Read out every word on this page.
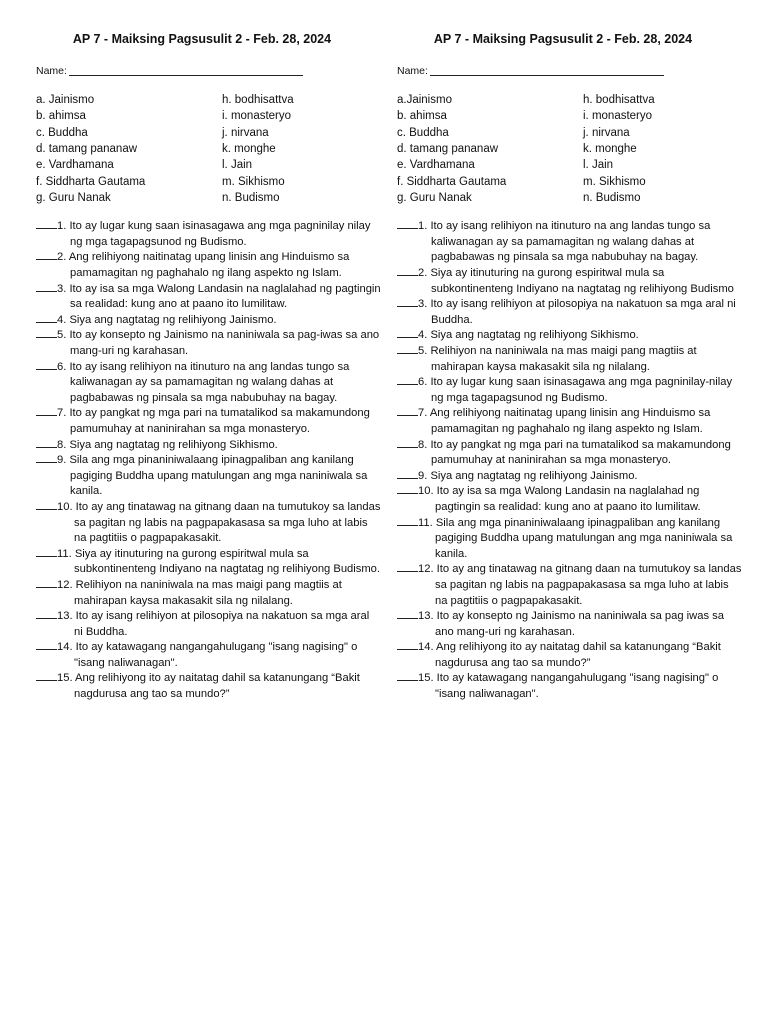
AP 7 - Maiksing Pagsusulit 2 - Feb. 28, 2024
Name:
a. Jainismo	h. bodhisattva
b. ahimsa	i. monasteryo
c. Buddha	j. nirvana
d. tamang pananaw	k. monghe
e. Vardhamana	l. Jain
f. Siddharta Gautama	m. Sikhismo
g. Guru Nanak	n. Budismo

1. Ito ay lugar kung saan isinasagawa ang mga pagninilay nilay ng mga tagapagsunod ng Budismo.

2. Ang relihiyong naitinatag upang linisin ang Hinduismo sa pamamagitan ng paghahalo ng ilang aspekto ng Islam.

3. Ito ay isa sa mga Walong Landasin na naglalahad ng pagtingin sa realidad: kung ano at paano ito lumilitaw.

4. Siya ang nagtatag ng relihiyong Jainismo.

5. Ito ay konsepto ng Jainismo na naniniwala sa pag-iwas sa ano mang-uri ng karahasan.

6. Ito ay isang relihiyon na itinuturo na ang landas tungo sa kaliwanagan ay sa pamamagitan ng walang dahas at pagbabawas ng pinsala sa mga nabubuhay na bagay.

7. Ito ay pangkat ng mga pari na tumatalikod sa makamundong pamumuhay at naninirahan sa mga monasteryo.

8. Siya ang nagtatag ng relihiyong Sikhismo.

9. Sila ang mga pinaniniwalaang ipinagpaliban ang kanilang pagiging Buddha upang matulungan ang mga naniniwala sa kanila.

10. Ito ay ang tinatawag na gitnang daan na tumutukoy sa landas sa pagitan ng labis na pagpapakasasa sa mga luho at labis na pagtitiis o pagpapakasakit.

11. Siya ay itinuturing na gurong espiritwal mula sa subkontinenteng Indiyano na nagtatag ng relihiyong Budismo.

12. Relihiyon na naniniwala na mas maigi pang magtiis at mahirapan kaysa makasakit sila ng nilalang.

13. Ito ay isang relihiyon at pilosopiya na nakatuon sa mga aral ni Buddha.

14. Ito ay katawagang nangangahulugang "isang nagising" o "isang naliwanagan".

15. Ang relihiyong ito ay naitatag dahil sa katanungang “Bakit nagdurusa ang tao sa mundo?”

AP 7 - Maiksing Pagsusulit 2 - Feb. 28, 2024
Name:
a.Jainismo	h. bodhisattva
b. ahimsa	i. monasteryo
c. Buddha	j. nirvana
d. tamang pananaw	k. monghe
e. Vardhamana	l. Jain
f. Siddharta Gautama	m. Sikhismo
g. Guru Nanak	n. Budismo

1. Ito ay isang relihiyon na itinuturo na ang landas tungo sa kaliwanagan ay sa pamamagitan ng walang dahas at pagbabawas ng pinsala sa mga nabubuhay na bagay.

2. Siya ay itinuturing na gurong espiritwal mula sa subkontinenteng Indiyano na nagtatag ng relihiyong Budismo

3. Ito ay isang relihiyon at pilosopiya na nakatuon sa mga aral ni Buddha.

4. Siya ang nagtatag ng relihiyong Sikhismo.

5. Relihiyon na naniniwala na mas maigi pang magtiis at mahirapan kaysa makasakit sila ng nilalang.

6. Ito ay lugar kung saan isinasagawa ang mga pagninilay-nilay ng mga tagapagsunod ng Budismo.

7. Ang relihiyong naitinatag upang linisin ang Hinduismo sa pamamagitan ng paghahalo ng ilang aspekto ng Islam.

8. Ito ay pangkat ng mga pari na tumatalikod sa makamundong pamumuhay at naninirahan sa mga monasteryo.

9. Siya ang nagtatag ng relihiyong Jainismo.

10. Ito ay isa sa mga Walong Landasin na naglalahad ng pagtingin sa realidad: kung ano at paano ito lumilitaw.

11. Sila ang mga pinaniniwalaang ipinagpaliban ang kanilang pagiging Buddha upang matulungan ang mga naniniwala sa kanila.

12. Ito ay ang tinatawag na gitnang daan na tumutukoy sa landas sa pagitan ng labis na pagpapakasasa sa mga luho at labis na pagtitiis o pagpapakasakit.

13. Ito ay konsepto ng Jainismo na naniniwala sa pag iwas sa ano mang-uri ng karahasan.

14. Ang relihiyong ito ay naitatag dahil sa katanungang “Bakit nagdurusa ang tao sa mundo?”

15. Ito ay katawagang nangangahulugang "isang nagising" o "isang naliwanagan".
